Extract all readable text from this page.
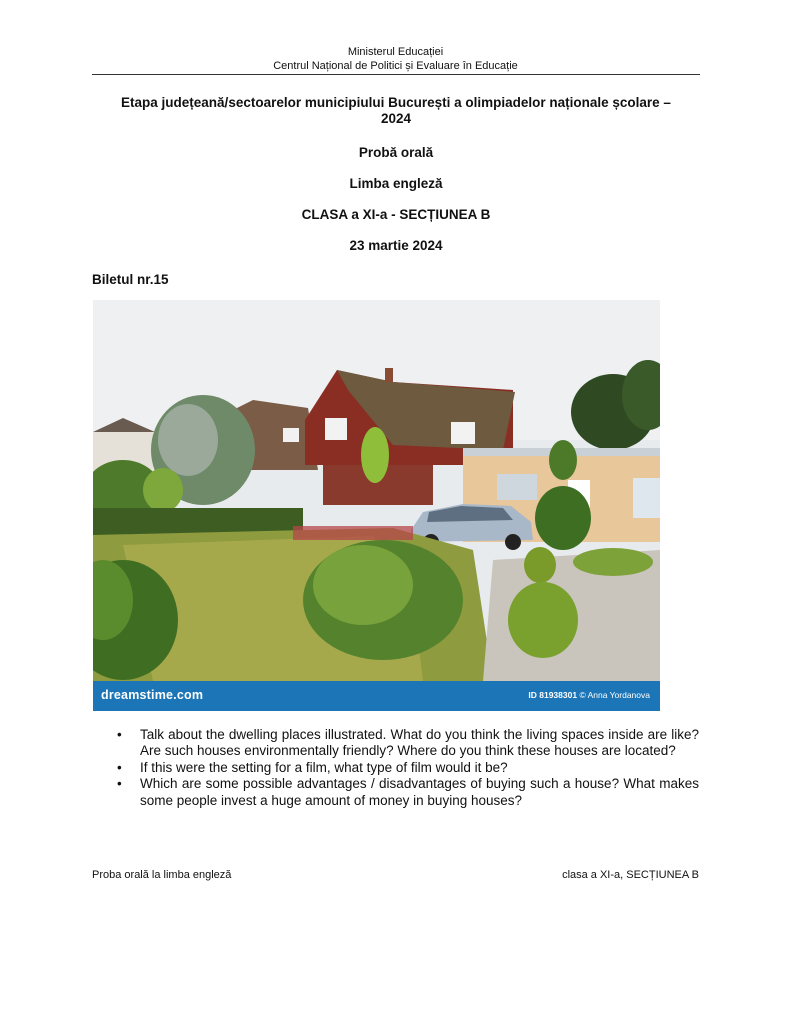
Ministerul Educației
Centrul Național de Politici și Evaluare în Educație
Etapa județeană/sectoarelor municipiului București a olimpiadelor naționale școlare –
2024
Probă orală
Limba engleză
CLASA a XI-a - SECȚIUNEA B
23 martie 2024
Biletul nr.15
dreamstime.com	ID 81938301 © Anna Yordanova
• Talk about the dwelling places illustrated. What do you think the living spaces inside are like? Are such houses environmentally friendly? Where do you think these houses are located?
• If this were the setting for a film, what type of film would it be?
• Which are some possible advantages / disadvantages of buying such a house? What makes some people invest a huge amount of money in buying houses?
Proba orală la limba engleză	clasa a XI-a, SECȚIUNEA B
